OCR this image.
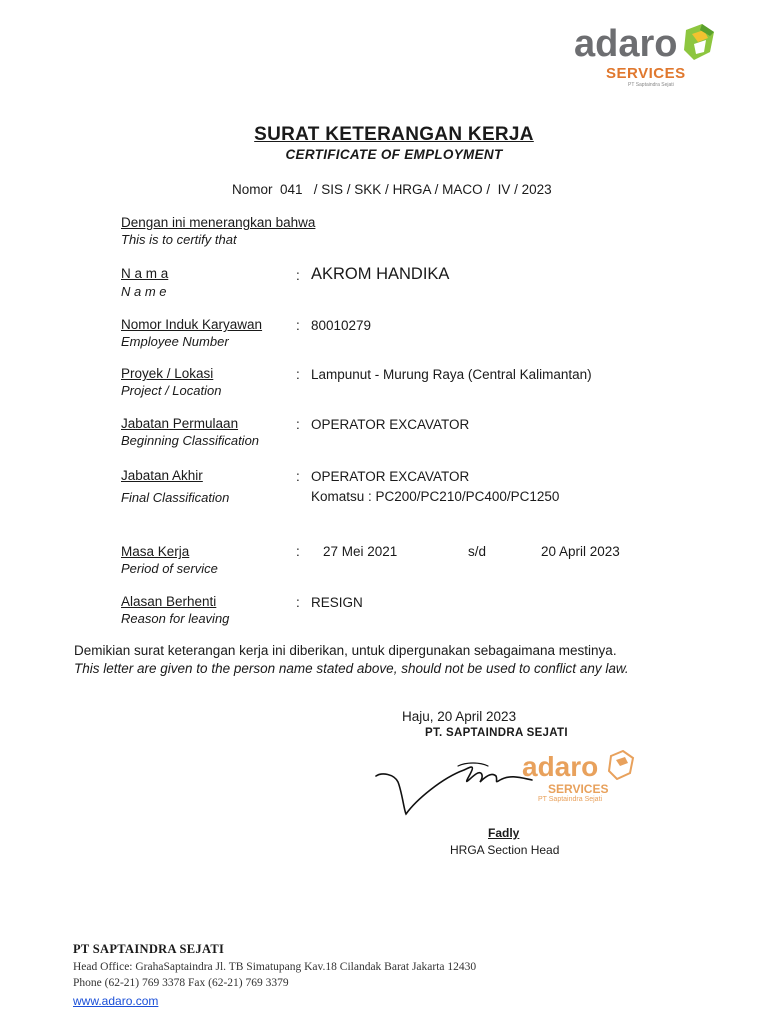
adaro
SERVICES
PT Saptaindra Sejati
SURAT KETERANGAN KERJA
CERTIFICATE OF EMPLOYMENT
Nomor  041   / SIS / SKK / HRGA / MACO /  IV / 2023
Dengan ini menerangkan bahwa
This is to certify that
N a m a
N a m e
: AKROM HANDIKA
Nomor Induk Karyawan
Employee Number
: 80010279
Proyek / Lokasi
Project / Location
: Lampunut - Murung Raya (Central Kalimantan)
Jabatan Permulaan
Beginning Classification
: OPERATOR EXCAVATOR
Jabatan Akhir
Final Classification
: OPERATOR EXCAVATOR
Komatsu : PC200/PC210/PC400/PC1250
Masa Kerja
Period of service
: 27 Mei 2021	s/d	20 April 2023
Alasan Berhenti
Reason for leaving
: RESIGN
Demikian surat keterangan kerja ini diberikan, untuk dipergunakan sebagaimana mestinya.
This letter are given to the person name stated above, should not be used to conflict any law.
Haju, 20 April 2023
PT. SAPTAINDRA SEJATI
adaro
SERVICES
PT Saptaindra Sejati
Fadly
HRGA Section Head
PT SAPTAINDRA SEJATI
Head Office: GrahaSaptaindra Jl. TB Simatupang Kav.18 Cilandak Barat Jakarta 12430
Phone (62-21) 769 3378 Fax (62-21) 769 3379
www.adaro.com
